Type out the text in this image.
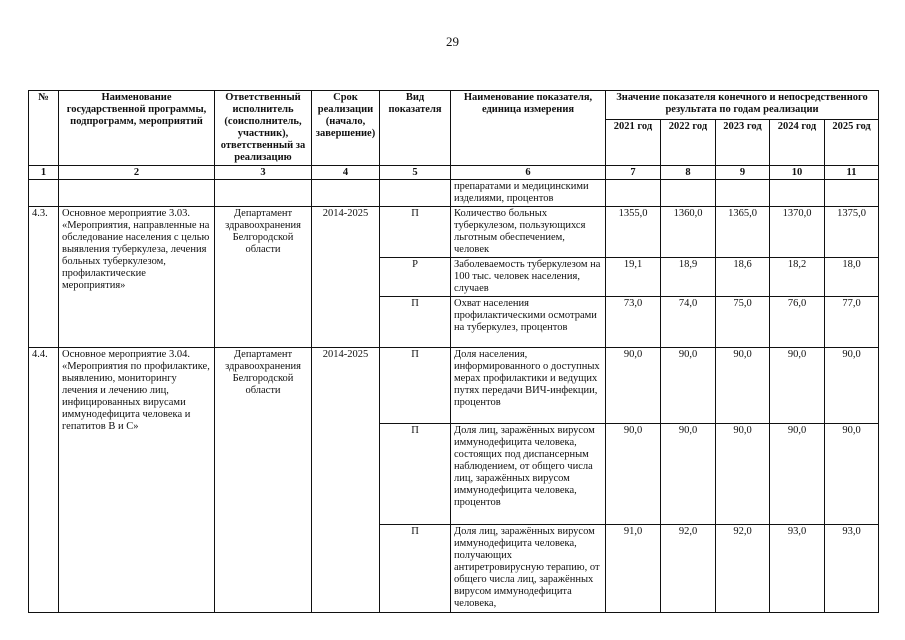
29
№	Наименование государственной программы, подпрограмм, мероприятий	Ответственный исполнитель (соисполнитель, участник), ответственный за реализацию	Срок реализации (начало, завершение)	Вид показателя	Наименование показателя, единица измерения	Значение показателя конечного и непосредственного результата по годам реализации				
						2021 год	2022 год	2023 год	2024 год	2025 год
1	2	3	4	5	6	7	8	9	10	11
					препаратами и медицинскими изделиями, процентов					
4.3.	Основное мероприятие 3.03. «Мероприятия, направленные на обследование населения с целью выявления туберкулеза, лечения больных туберкулезом, профилактические мероприятия»	Департамент здравоохранения Белгородской области	2014-2025	П	Количество больных туберкулезом, пользующихся льготным обеспечением, человек	1355,0	1360,0	1365,0	1370,0	1375,0
				Р	Заболеваемость туберкулезом на 100 тыс. человек населения, случаев	19,1	18,9	18,6	18,2	18,0
				П	Охват населения профилактическими осмотрами на туберкулез, процентов	73,0	74,0	75,0	76,0	77,0
4.4.	Основное мероприятие 3.04. «Мероприятия по профилактике, выявлению, мониторингу лечения и лечению лиц, инфицированных вирусами иммунодефицита человека и гепатитов В и С»	Департамент здравоохранения Белгородской области	2014-2025	П	Доля населения, информированного о доступных мерах профилактики и ведущих путях передачи ВИЧ-инфекции, процентов	90,0	90,0	90,0	90,0	90,0
				П	Доля лиц, заражённых вирусом иммунодефицита человека, состоящих под диспансерным наблюдением, от общего числа лиц, заражённых вирусом иммунодефицита человека, процентов	90,0	90,0	90,0	90,0	90,0
				П	Доля лиц, заражённых вирусом иммунодефицита человека, получающих антиретровирусную терапию, от общего числа лиц, заражённых вирусом иммунодефицита человека,	91,0	92,0	92,0	93,0	93,0
